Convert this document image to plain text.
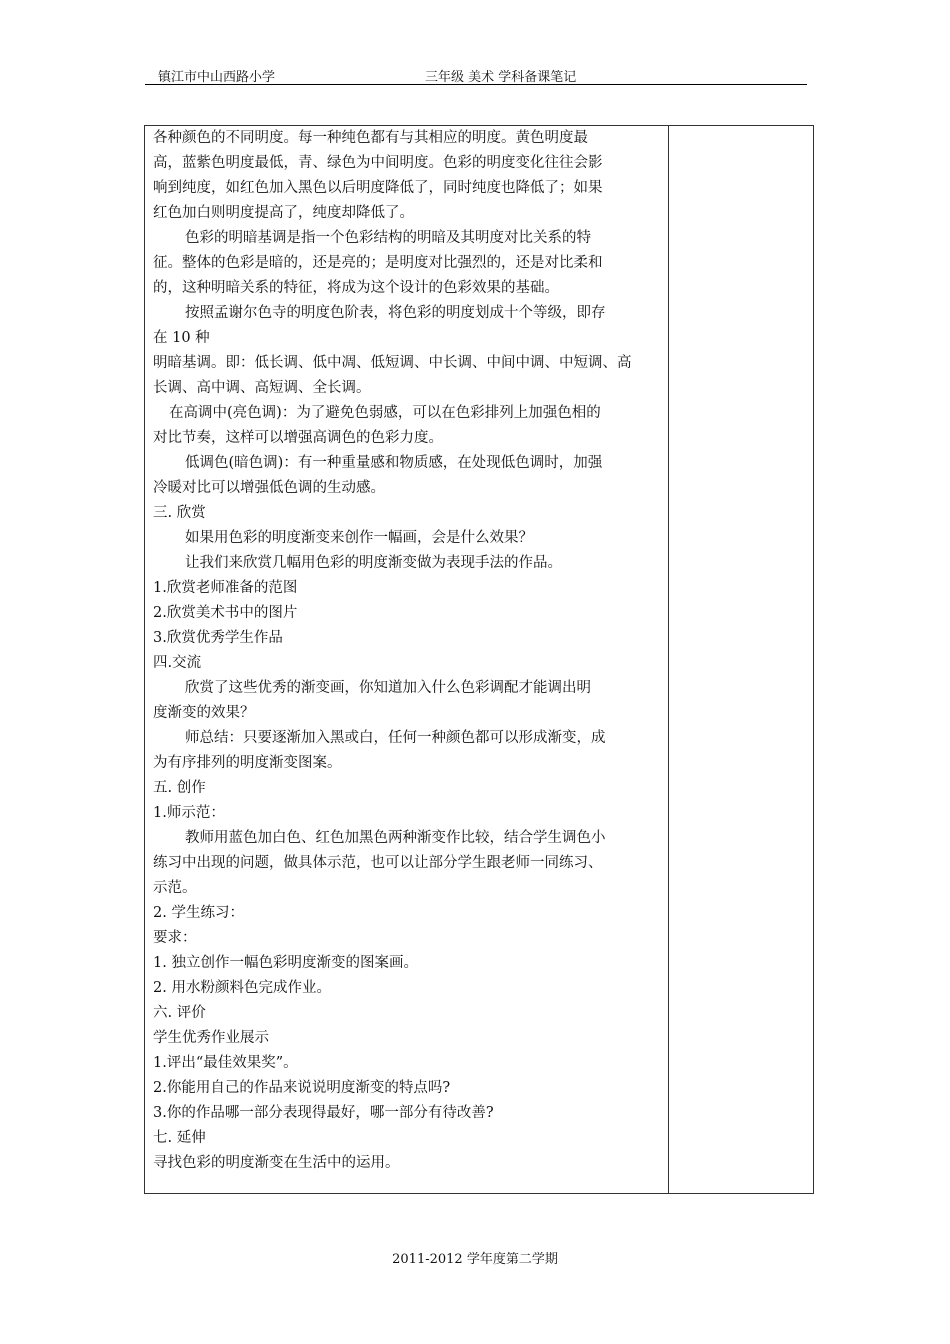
镇江市中山西路小学	三年级 美术 学科备课笔记
各种颜色的不同明度。每一种纯色都有与其相应的明度。黄色明度最
高，蓝紫色明度最低，青、绿色为中间明度。色彩的明度变化往往会影
响到纯度，如红色加入黑色以后明度降低了，同时纯度也降低了；如果
红色加白则明度提高了，纯度却降低了。
色彩的明暗基调是指一个色彩结构的明暗及其明度对比关系的特
征。整体的色彩是暗的，还是亮的；是明度对比强烈的，还是对比柔和
的，这种明暗关系的特征，将成为这个设计的色彩效果的基础。
按照孟谢尔色寺的明度色阶表，将色彩的明度划成十个等级，即存
在 10 种
明暗基调。即：低长调、低中凋、低短调、中长调、中间中调、中短调、高
长调、高中调、高短调、全长调。
在高调中(亮色调)：为了避免色弱感，可以在色彩排列上加强色相的
对比节奏，这样可以增强高调色的色彩力度。
低调色(暗色调)：有一种重量感和物质感，在处现低色调时，加强
冷暖对比可以增强低色调的生动感。
三. 欣赏
如果用色彩的明度渐变来创作一幅画，会是什么效果？
让我们来欣赏几幅用色彩的明度渐变做为表现手法的作品。
1.欣赏老师准备的范图
2.欣赏美术书中的图片
3.欣赏优秀学生作品
四.交流
欣赏了这些优秀的渐变画，你知道加入什么色彩调配才能调出明
度渐变的效果？
师总结：只要逐渐加入黑或白，任何一种颜色都可以形成渐变，成
为有序排列的明度渐变图案。
五. 创作
1.师示范：
教师用蓝色加白色、红色加黑色两种渐变作比较，结合学生调色小
练习中出现的问题，做具体示范，也可以让部分学生跟老师一同练习、
示范。
2. 学生练习：
要求：
1. 独立创作一幅色彩明度渐变的图案画。
2. 用水粉颜料色完成作业。
六. 评价
学生优秀作业展示
1.评出“最佳效果奖”。
2.你能用自己的作品来说说明度渐变的特点吗?
3.你的作品哪一部分表现得最好，哪一部分有待改善?
七. 延伸
寻找色彩的明度渐变在生活中的运用。
2011-2012 学年度第二学期
